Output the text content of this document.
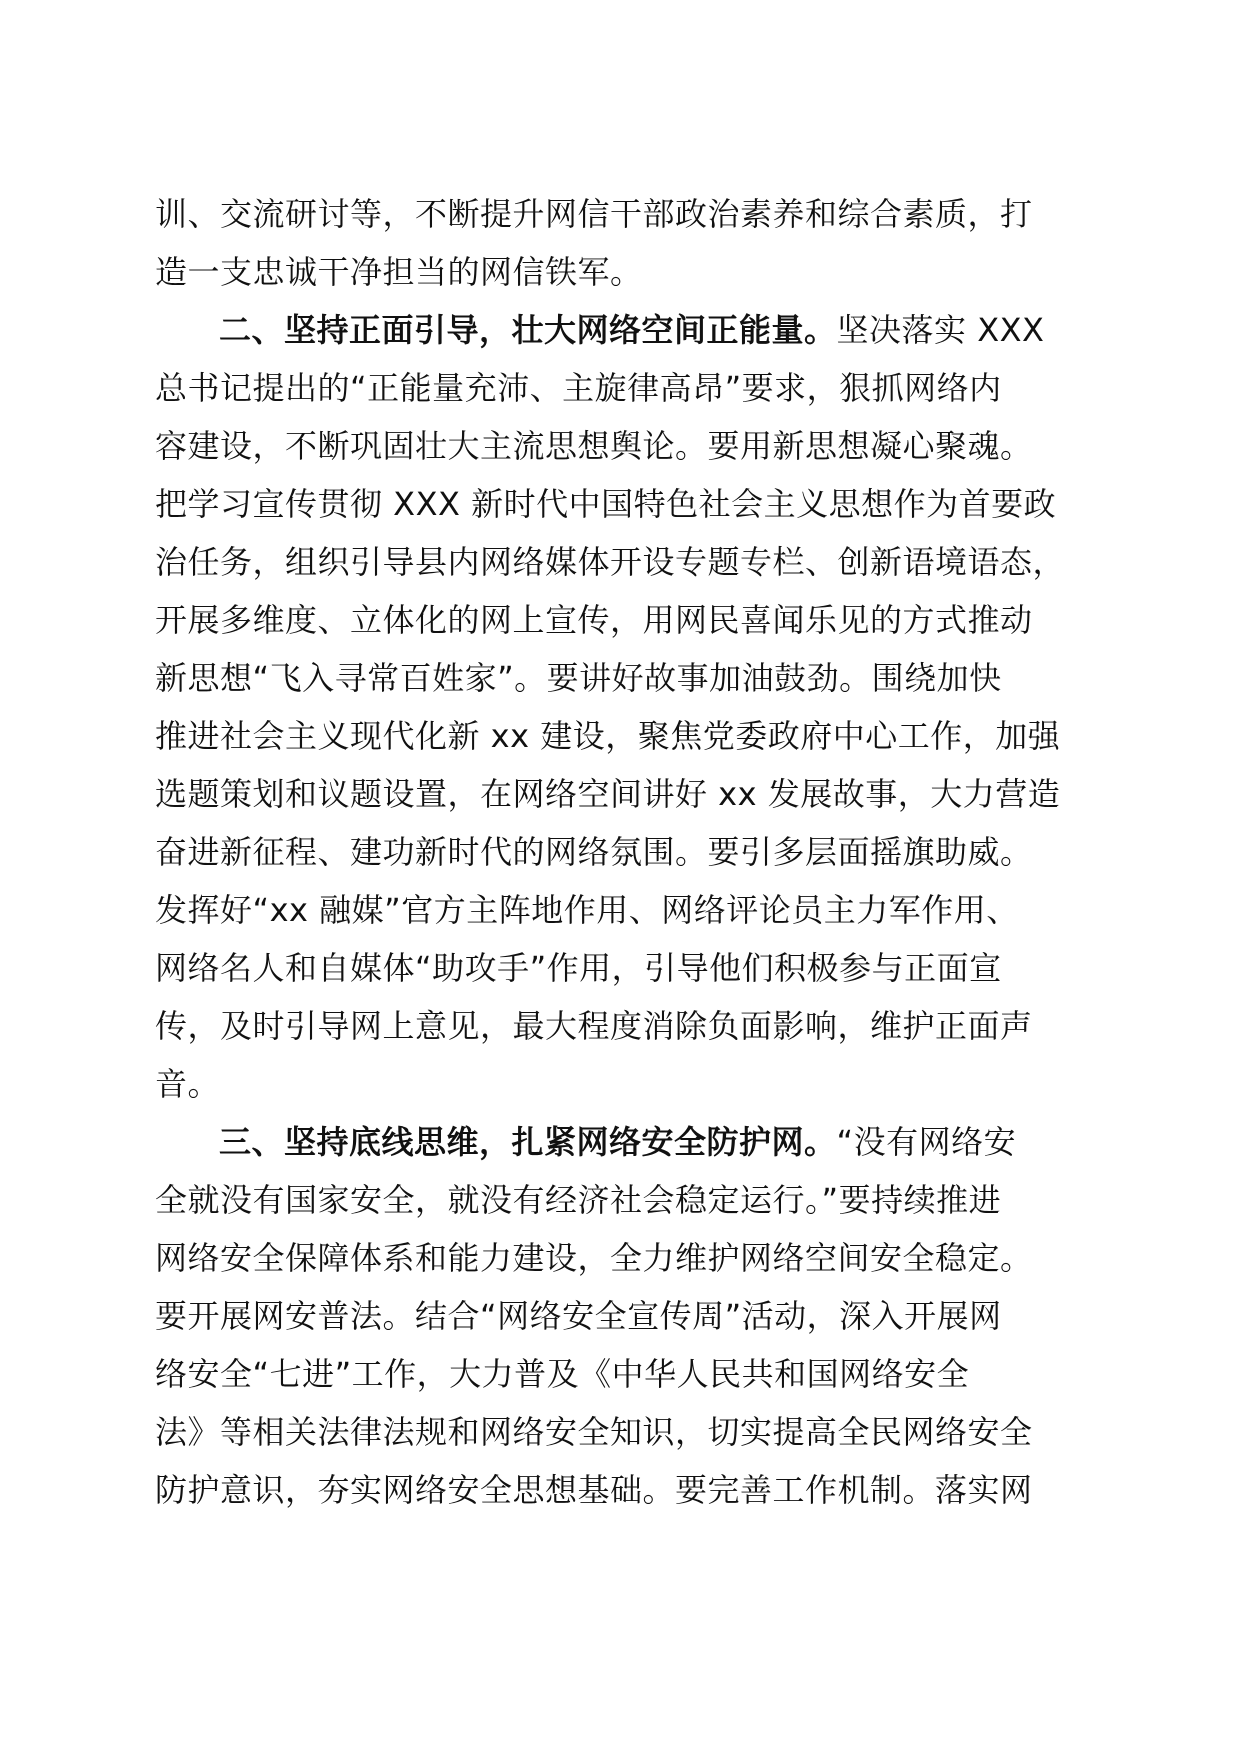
训、交流研讨等，不断提升网信干部政治素养和综合素质，打
造一支忠诚干净担当的网信铁军。
二、坚持正面引导，壮大网络空间正能量。坚决落实 XXX
总书记提出的“正能量充沛、主旋律高昂”要求，狠抓网络内
容建设，不断巩固壮大主流思想舆论。要用新思想凝心聚魂。
把学习宣传贯彻 XXX 新时代中国特色社会主义思想作为首要政
治任务，组织引导县内网络媒体开设专题专栏、创新语境语态，
开展多维度、立体化的网上宣传，用网民喜闻乐见的方式推动
新思想“飞入寻常百姓家”。要讲好故事加油鼓劲。围绕加快
推进社会主义现代化新 xx 建设，聚焦党委政府中心工作，加强
选题策划和议题设置，在网络空间讲好 xx 发展故事，大力营造
奋进新征程、建功新时代的网络氛围。要引多层面摇旗助威。
发挥好“xx 融媒”官方主阵地作用、网络评论员主力军作用、
网络名人和自媒体“助攻手”作用，引导他们积极参与正面宣
传，及时引导网上意见，最大程度消除负面影响，维护正面声
音。
三、坚持底线思维，扎紧网络安全防护网。“没有网络安
全就没有国家安全，就没有经济社会稳定运行。”要持续推进
网络安全保障体系和能力建设，全力维护网络空间安全稳定。
要开展网安普法。结合“网络安全宣传周”活动，深入开展网
络安全“七进”工作，大力普及《中华人民共和国网络安全
法》等相关法律法规和网络安全知识，切实提高全民网络安全
防护意识，夯实网络安全思想基础。要完善工作机制。落实网
